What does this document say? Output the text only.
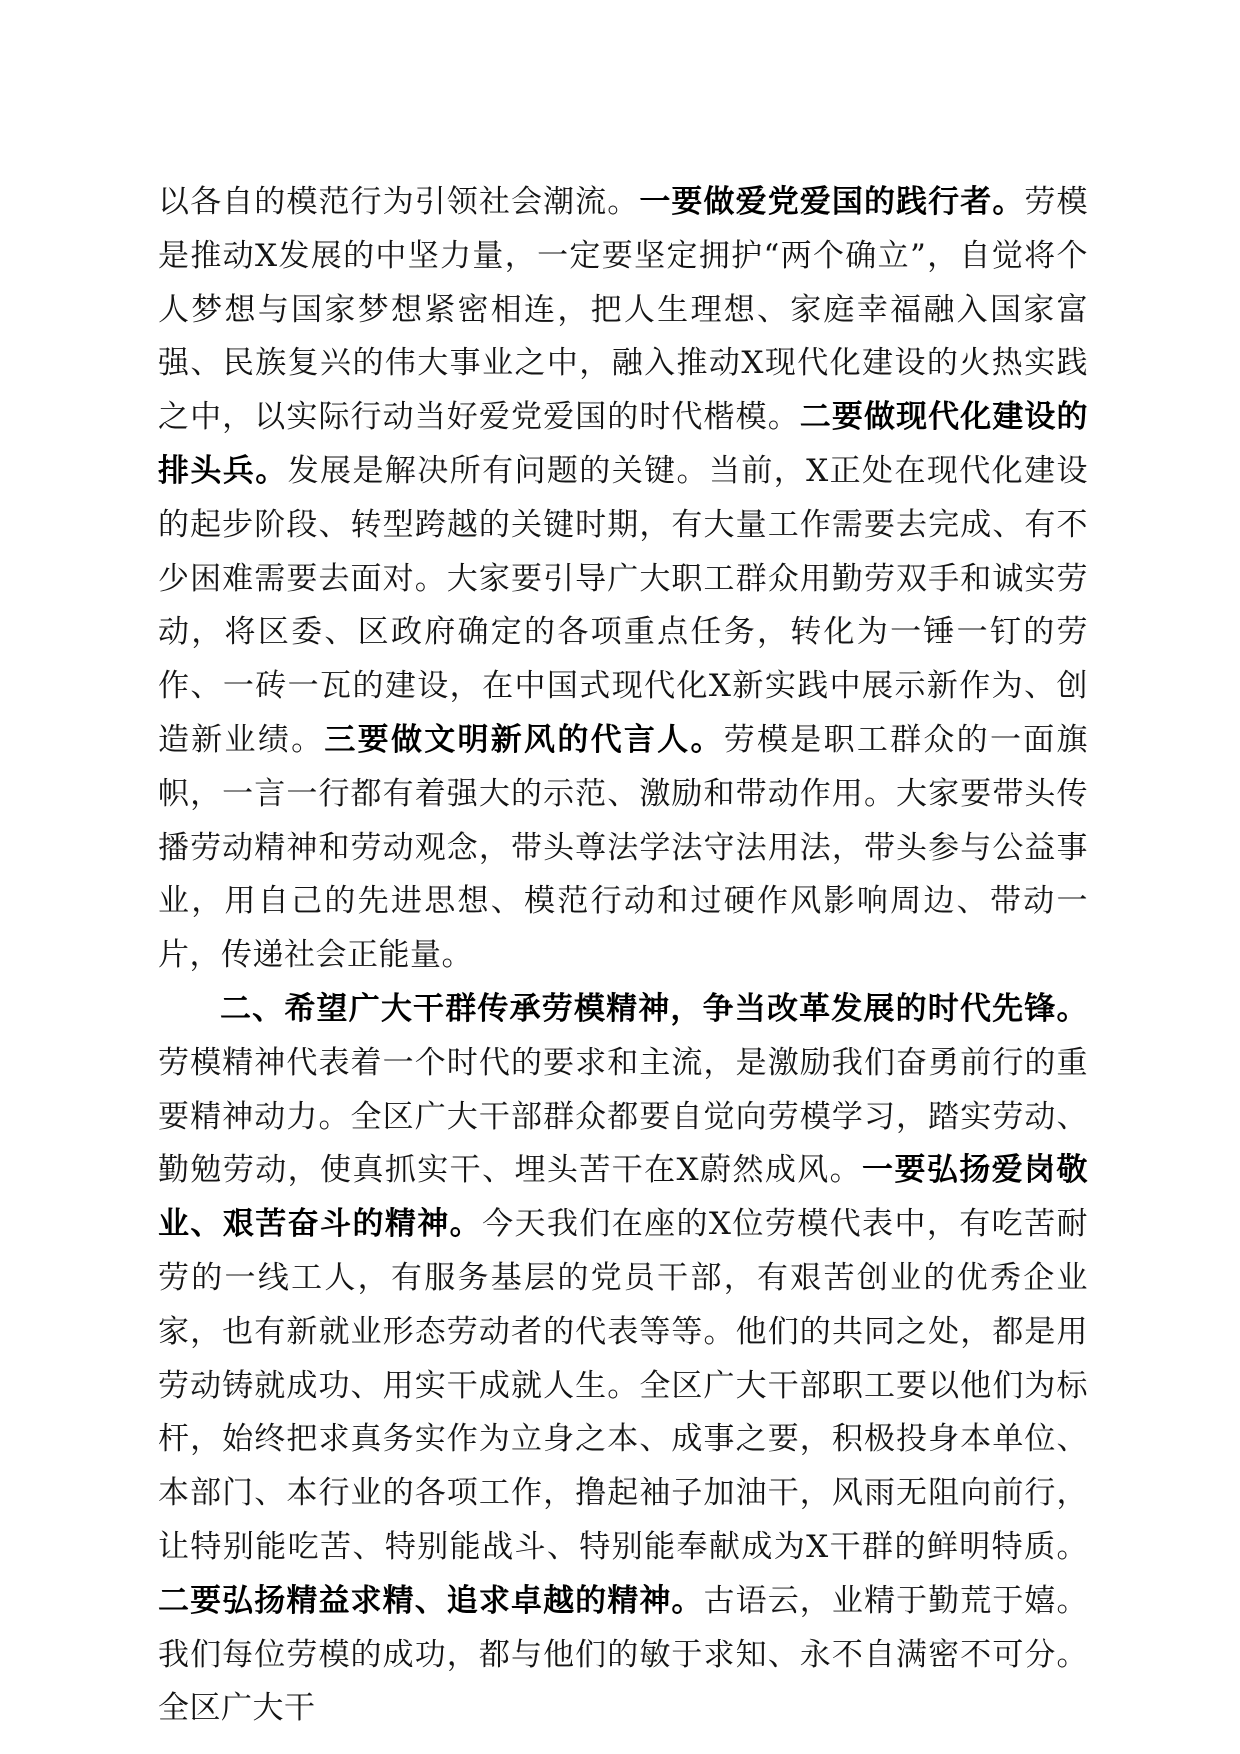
以各自的模范行为引领社会潮流。一要做爱党爱国的践行者。劳模是推动X发展的中坚力量，一定要坚定拥护“两个确立”，自觉将个人梦想与国家梦想紧密相连，把人生理想、家庭幸福融入国家富强、民族复兴的伟大事业之中，融入推动X现代化建设的火热实践之中，以实际行动当好爱党爱国的时代楷模。二要做现代化建设的排头兵。发展是解决所有问题的关键。当前，X正处在现代化建设的起步阶段、转型跨越的关键时期，有大量工作需要去完成、有不少困难需要去面对。大家要引导广大职工群众用勤劳双手和诚实劳动，将区委、区政府确定的各项重点任务，转化为一锤一钉的劳作、一砖一瓦的建设，在中国式现代化X新实践中展示新作为、创造新业绩。三要做文明新风的代言人。劳模是职工群众的一面旗帜，一言一行都有着强大的示范、激励和带动作用。大家要带头传播劳动精神和劳动观念，带头尊法学法守法用法，带头参与公益事业，用自己的先进思想、模范行动和过硬作风影响周边、带动一片，传递社会正能量。

二、希望广大干群传承劳模精神，争当改革发展的时代先锋。劳模精神代表着一个时代的要求和主流，是激励我们奋勇前行的重要精神动力。全区广大干部群众都要自觉向劳模学习，踏实劳动、勤勉劳动，使真抓实干、埋头苦干在X蔚然成风。一要弘扬爱岗敬业、艰苦奋斗的精神。今天我们在座的X位劳模代表中，有吃苦耐劳的一线工人，有服务基层的党员干部，有艰苦创业的优秀企业家，也有新就业形态劳动者的代表等等。他们的共同之处，都是用劳动铸就成功、用实干成就人生。全区广大干部职工要以他们为标杆，始终把求真务实作为立身之本、成事之要，积极投身本单位、本部门、本行业的各项工作，撸起袖子加油干，风雨无阻向前行，让特别能吃苦、特别能战斗、特别能奉献成为X干群的鲜明特质。二要弘扬精益求精、追求卓越的精神。古语云，业精于勤荒于嬉。我们每位劳模的成功，都与他们的敏于求知、永不自满密不可分。全区广大干
